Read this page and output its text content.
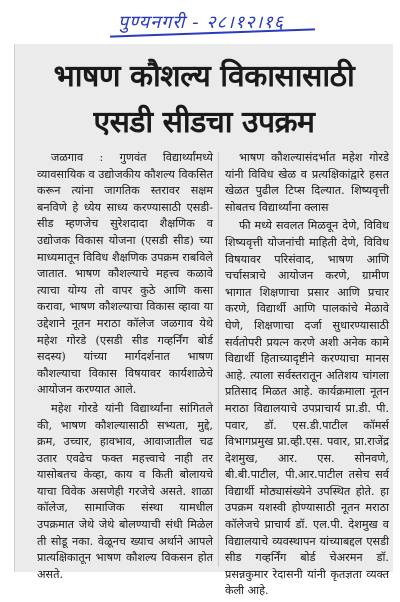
पुण्यनगरी - २८।१२।१६
भाषण कौशल्य विकासासाठी
एसडी सीडचा उपक्रम

जळगाव : गुणवंत विद्यार्थ्यांमध्ये व्यावसायिक व उद्योजकीय कौशल्य विकसित करून त्यांना जागतिक स्तरावर सक्षम बनविणे हे ध्येय साध्य करण्यासाठी एसडी-सीड म्हणजेच सुरेशदादा शैक्षणिक व उद्योजक विकास योजना (एसडी सीड) च्या माध्यमातून विविध शैक्षणिक उपक्रम राबविले जातात. भाषण कौशल्याचे महत्त्व कळावे त्याचा योग्य तो वापर कुठे आणि कसा करावा, भाषण कौशल्याचा विकास व्हावा या उद्देशाने नूतन मराठा कॉलेज जळगाव येथे महेश गोरडे (एसडी सीड गव्हर्निंग बोर्ड सदस्य) यांच्या मार्गदर्शनात भाषण कौशल्याचा विकास विषयावर कार्यशाळेचे आयोजन करण्यात आले.

महेश गोरडे यांनी विद्यार्थ्यांना सांगितले की, भाषण कौशल्यासाठी सभ्यता, मुद्दे, क्रम, उच्चार, हावभाव, आवाजातील चढ उतार एवढेच फक्त महत्त्वाचे नाही तर यासोबतच केव्हा, काय व किती बोलायचे याचा विवेक असणेही गरजेचे असते. शाळा कॉलेज, सामाजिक संस्था यामधील उपक्रमात जेथे जेथे बोलण्याची संधी मिळेल ती सोडू नका. वेळूनच ख्याच अर्थाने आपले प्रात्यक्षिकातून भाषण कौशल्य विकसन होत असते.

भाषण कौशल्यासंदर्भात महेश गोरडे यांनी विविध खेळ व प्रत्यक्षिकांद्वारे हसत खेळत पुढील टिप्स दिल्यात. शिष्यवृत्ती सोबतच विद्यार्थ्यांना क्लास

फी मध्ये सवलत मिळवून देणे, विविध शिष्यवृत्ती योजनांची माहिती देणे, विविध विषयावर परिसंवाद, भाषण आणि चर्चासत्राचे आयोजन करणे, ग्रामीण भागात शिक्षणाचा प्रसार आणि प्रचार करणे, विद्यार्थी आणि पालकांचे मेळावे घेणे, शिक्षणाचा दर्जा सुधारण्यासाठी सर्वतोपरी प्रयत्न करणे अशी अनेक कामे विद्यार्थी हिताच्यादृष्टीने करण्याचा मानस आहे. त्याला सर्वस्तरातून अतिशय चांगला प्रतिसाद मिळत आहे. कार्यक्रमाला नूतन मराठा विद्यालयाचे उपप्राचार्य प्रा.डी. पी. पवार, डॉ. एस.डी.पाटील कॉमर्स विभागप्रमुख प्रा.व्ही.एस. पवार, प्रा.राजेंद्र देशमुख, आर. एस. सोनवणे, बी.बी.पाटील, पी.आर.पाटील तसेच सर्व विद्यार्थी मोठ्यासंख्येने उपस्थित होते. हा उपक्रम यशस्वी होण्यासाठी नूतन मराठा कॉलेजचे प्राचार्य डॉ. एल.पी. देशमुख व विद्यालयाचे व्यवस्थापन यांच्याबद्दल एसडी सीड गव्हर्निंग बोर्ड चेअरमन डॉ. प्रसन्नकुमार रेदासनी यांनी कृतज्ञता व्यक्त केली आहे.
